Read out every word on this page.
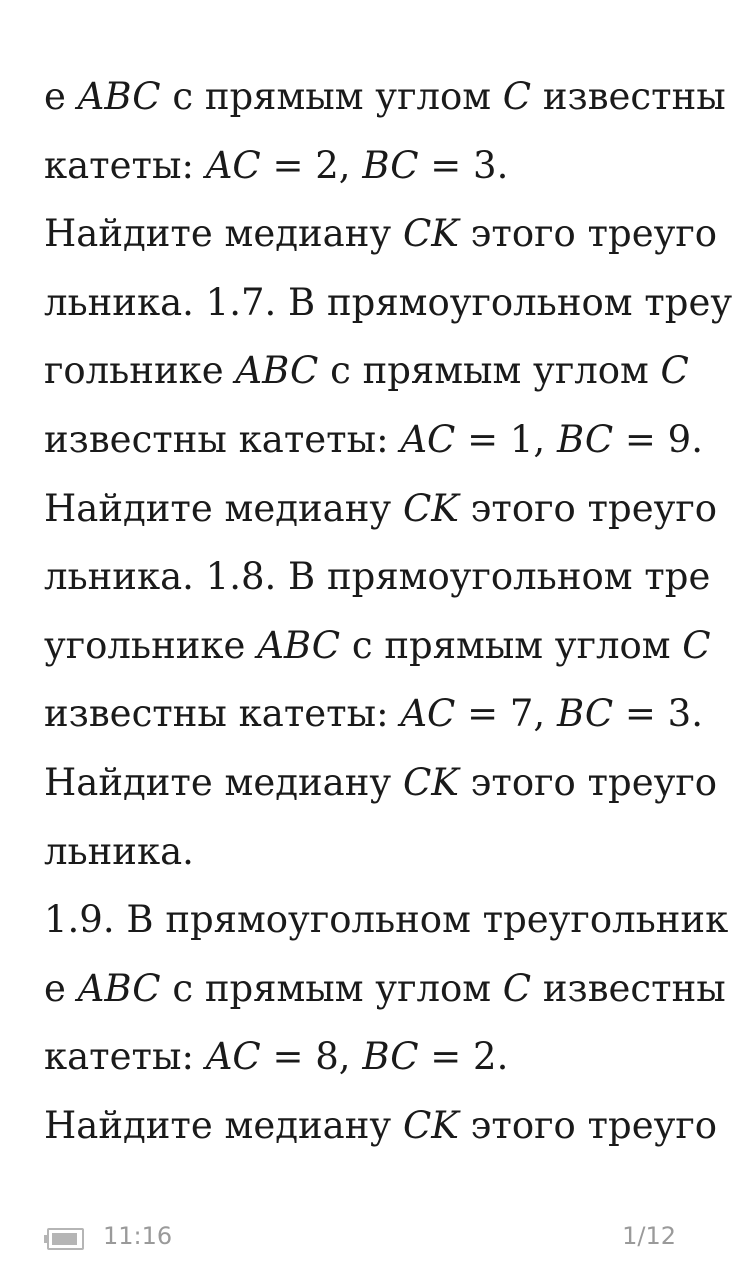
е ABC с прямым углом C известны
катеты: AC = 2, BC = 3.
Найдите медиану CK этого треуго
льника. 1.7. В прямоугольном треу
гольнике ABC с прямым углом C
известны катеты: AC = 1, BC = 9.
Найдите медиану CK этого треуго
льника. 1.8. В прямоугольном тре
угольнике ABC с прямым углом C
известны катеты: AC = 7, BC = 3.
Найдите медиану CK этого треуго
льника.
1.9. В прямоугольном треугольник
е ABC с прямым углом C известны
катеты: AC = 8, BC = 2.
Найдите медиану CK этого треуго
11:16	1/12
